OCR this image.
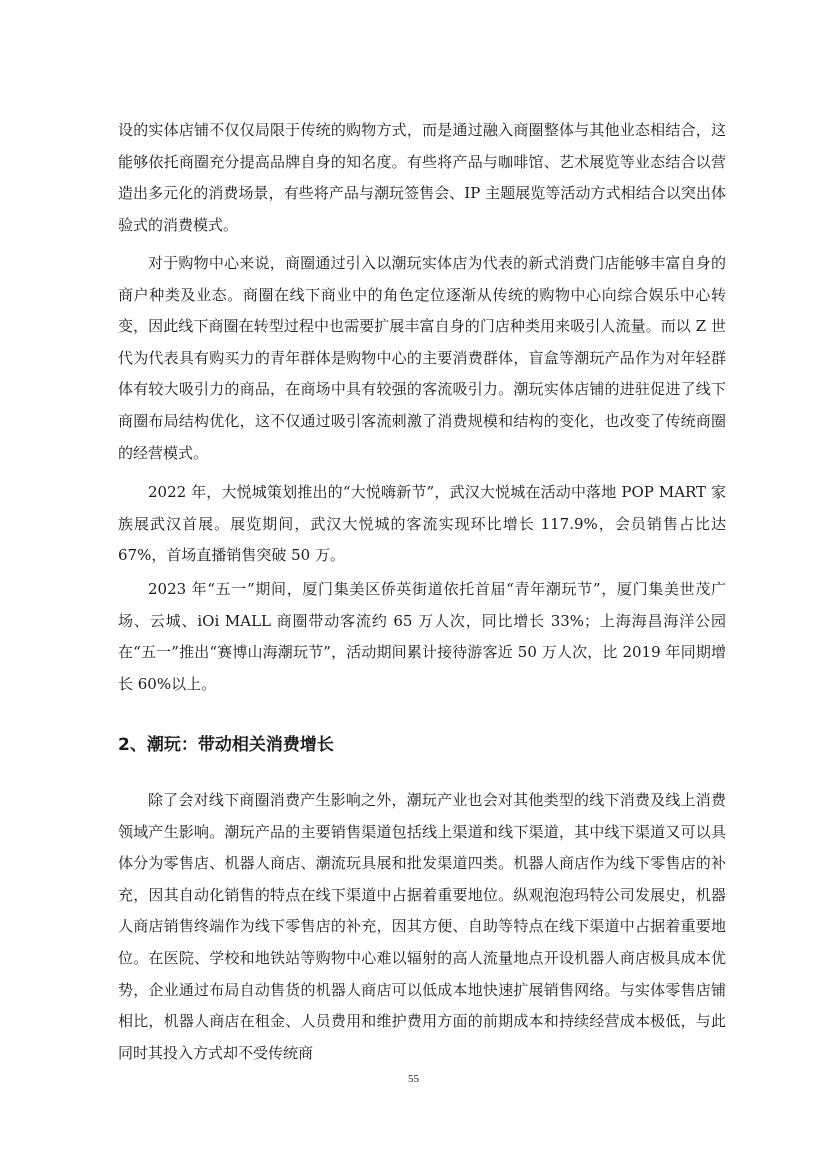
设的实体店铺不仅仅局限于传统的购物方式，而是通过融入商圈整体与其他业态相结合，这能够依托商圈充分提高品牌自身的知名度。有些将产品与咖啡馆、艺术展览等业态结合以营造出多元化的消费场景，有些将产品与潮玩签售会、IP 主题展览等活动方式相结合以突出体验式的消费模式。

对于购物中心来说，商圈通过引入以潮玩实体店为代表的新式消费门店能够丰富自身的商户种类及业态。商圈在线下商业中的角色定位逐渐从传统的购物中心向综合娱乐中心转变，因此线下商圈在转型过程中也需要扩展丰富自身的门店种类用来吸引人流量。而以 Z 世代为代表具有购买力的青年群体是购物中心的主要消费群体，盲盒等潮玩产品作为对年轻群体有较大吸引力的商品，在商场中具有较强的客流吸引力。潮玩实体店铺的进驻促进了线下商圈布局结构优化，这不仅通过吸引客流刺激了消费规模和结构的变化，也改变了传统商圈的经营模式。

2022 年，大悦城策划推出的“大悦嗨新节”，武汉大悦城在活动中落地 POP MART 家族展武汉首展。展览期间，武汉大悦城的客流实现环比增长 117.9%，会员销售占比达 67%，首场直播销售突破 50 万。

2023 年“五一”期间，厦门集美区侨英街道依托首届“青年潮玩节”，厦门集美世茂广场、云城、iOi MALL 商圈带动客流约 65 万人次，同比增长 33%；上海海昌海洋公园在“五一”推出“赛博山海潮玩节”，活动期间累计接待游客近 50 万人次，比 2019 年同期增长 60%以上。

2、潮玩：带动相关消费增长

除了会对线下商圈消费产生影响之外，潮玩产业也会对其他类型的线下消费及线上消费领域产生影响。潮玩产品的主要销售渠道包括线上渠道和线下渠道，其中线下渠道又可以具体分为零售店、机器人商店、潮流玩具展和批发渠道四类。机器人商店作为线下零售店的补充，因其自动化销售的特点在线下渠道中占据着重要地位。纵观泡泡玛特公司发展史，机器人商店销售终端作为线下零售店的补充，因其方便、自助等特点在线下渠道中占据着重要地位。在医院、学校和地铁站等购物中心难以辐射的高人流量地点开设机器人商店极具成本优势，企业通过布局自动售货的机器人商店可以低成本地快速扩展销售网络。与实体零售店铺相比，机器人商店在租金、人员费用和维护费用方面的前期成本和持续经营成本极低，与此同时其投入方式却不受传统商

55
